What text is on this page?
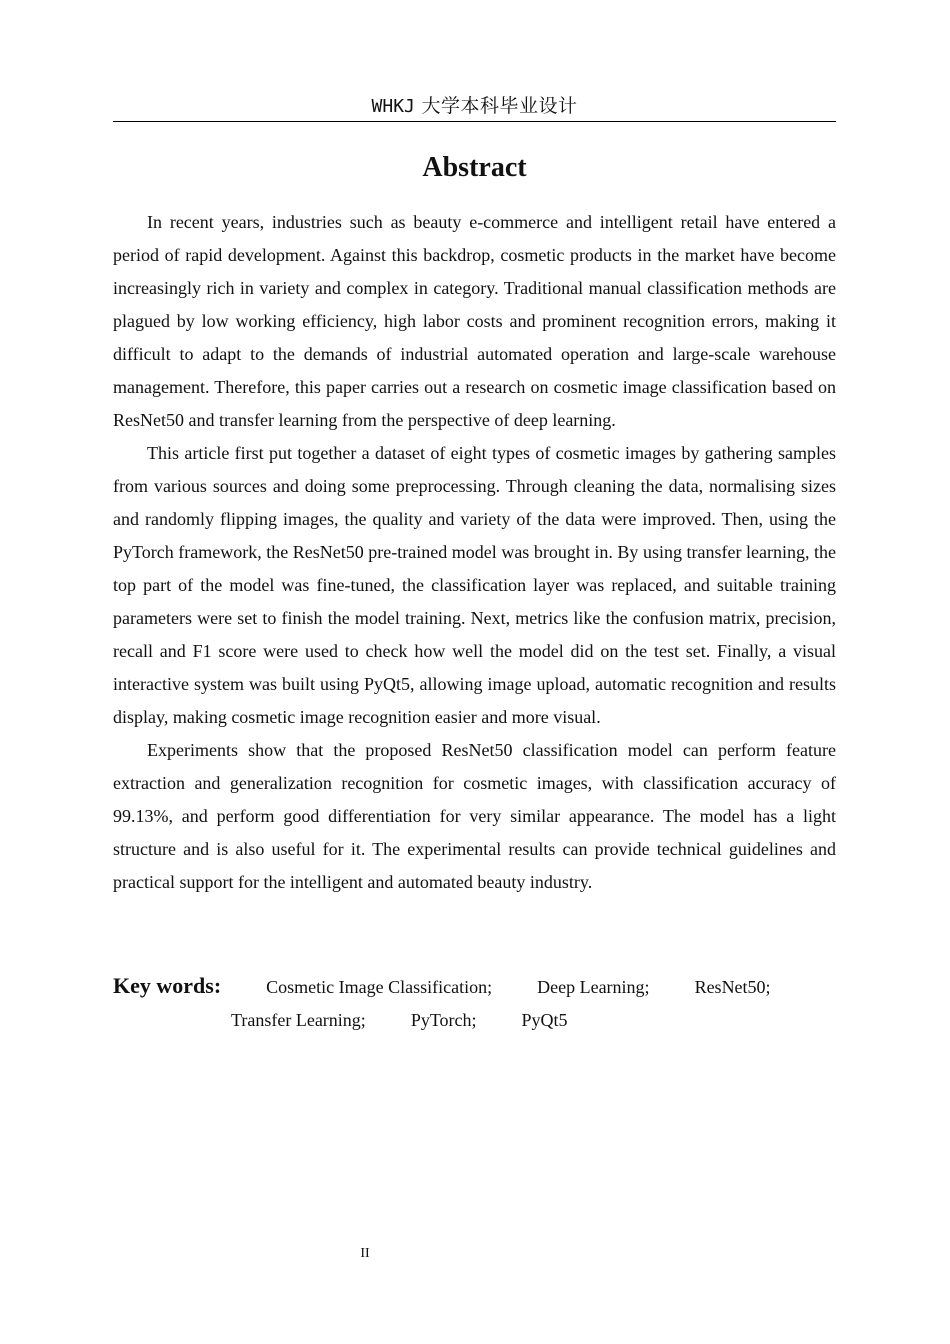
WHKJ 大学本科毕业设计
Abstract

In recent years, industries such as beauty e-commerce and intelligent retail have entered a period of rapid development. Against this backdrop, cosmetic products in the market have become increasingly rich in variety and complex in category. Traditional manual classification methods are plagued by low working efficiency, high labor costs and prominent recognition errors, making it difficult to adapt to the demands of industrial automated operation and large-scale warehouse management. Therefore, this paper carries out a research on cosmetic image classification based on ResNet50 and transfer learning from the perspective of deep learning.

This article first put together a dataset of eight types of cosmetic images by gathering samples from various sources and doing some preprocessing. Through cleaning the data, normalising sizes and randomly flipping images, the quality and variety of the data were improved. Then, using the PyTorch framework, the ResNet50 pre-trained model was brought in. By using transfer learning, the top part of the model was fine-tuned, the classification layer was replaced, and suitable training parameters were set to finish the model training. Next, metrics like the confusion matrix, precision, recall and F1 score were used to check how well the model did on the test set. Finally, a visual interactive system was built using PyQt5, allowing image upload, automatic recognition and results display, making cosmetic image recognition easier and more visual.

Experiments show that the proposed ResNet50 classification model can perform feature extraction and generalization recognition for cosmetic images, with classification accuracy of 99.13%, and perform good differentiation for very similar appearance. The model has a light structure and is also useful for it. The experimental results can provide technical guidelines and practical support for the intelligent and automated beauty industry.

Key words:	Cosmetic Image Classification;	Deep Learning;	ResNet50;
Transfer Learning;	PyTorch;	PyQt5
II
